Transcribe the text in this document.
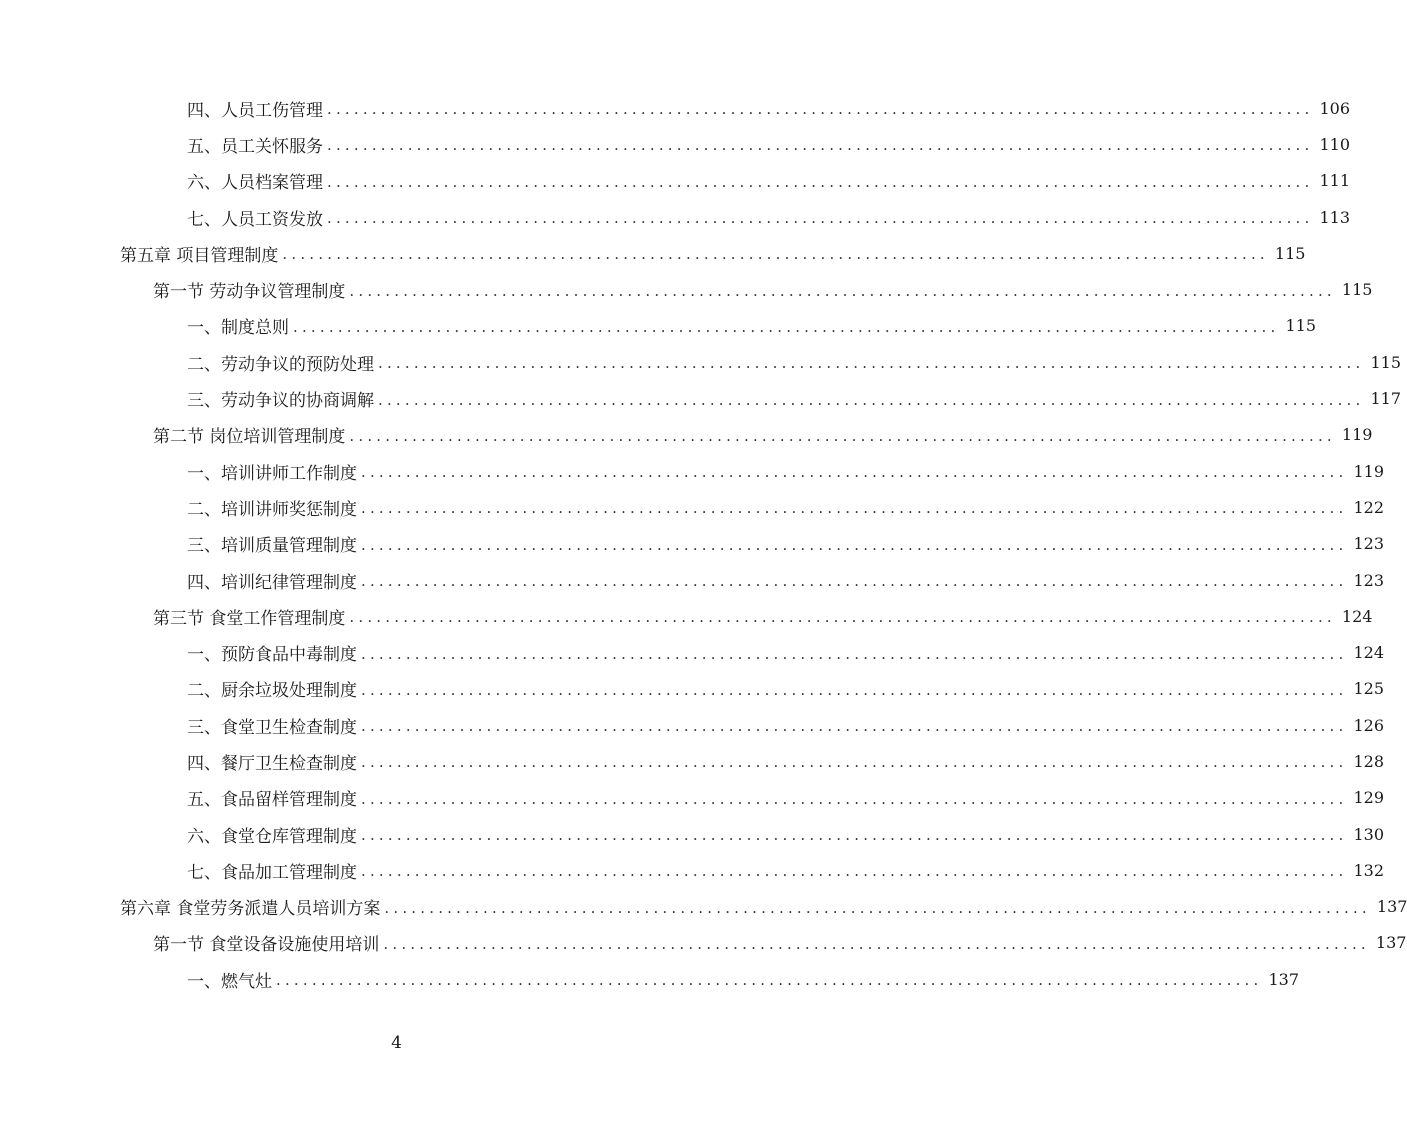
四、人员工伤管理 .............................................................................................................. 106
五、员工关怀服务 .............................................................................................................. 110
六、人员档案管理 .............................................................................................................. 111
七、人员工资发放 .............................................................................................................. 113
第五章 项目管理制度 .............................................................................................................. 115
第一节 劳动争议管理制度 .............................................................................................................. 115
一、制度总则 .............................................................................................................. 115
二、劳动争议的预防处理 .............................................................................................................. 115
三、劳动争议的协商调解 .............................................................................................................. 117
第二节 岗位培训管理制度 .............................................................................................................. 119
一、培训讲师工作制度 .............................................................................................................. 119
二、培训讲师奖惩制度 .............................................................................................................. 122
三、培训质量管理制度 .............................................................................................................. 123
四、培训纪律管理制度 .............................................................................................................. 123
第三节 食堂工作管理制度 .............................................................................................................. 124
一、预防食品中毒制度 .............................................................................................................. 124
二、厨余垃圾处理制度 .............................................................................................................. 125
三、食堂卫生检查制度 .............................................................................................................. 126
四、餐厅卫生检查制度 .............................................................................................................. 128
五、食品留样管理制度 .............................................................................................................. 129
六、食堂仓库管理制度 .............................................................................................................. 130
七、食品加工管理制度 .............................................................................................................. 132
第六章 食堂劳务派遣人员培训方案 .............................................................................................................. 137
第一节 食堂设备设施使用培训 .............................................................................................................. 137
一、燃气灶 .............................................................................................................. 137
4
